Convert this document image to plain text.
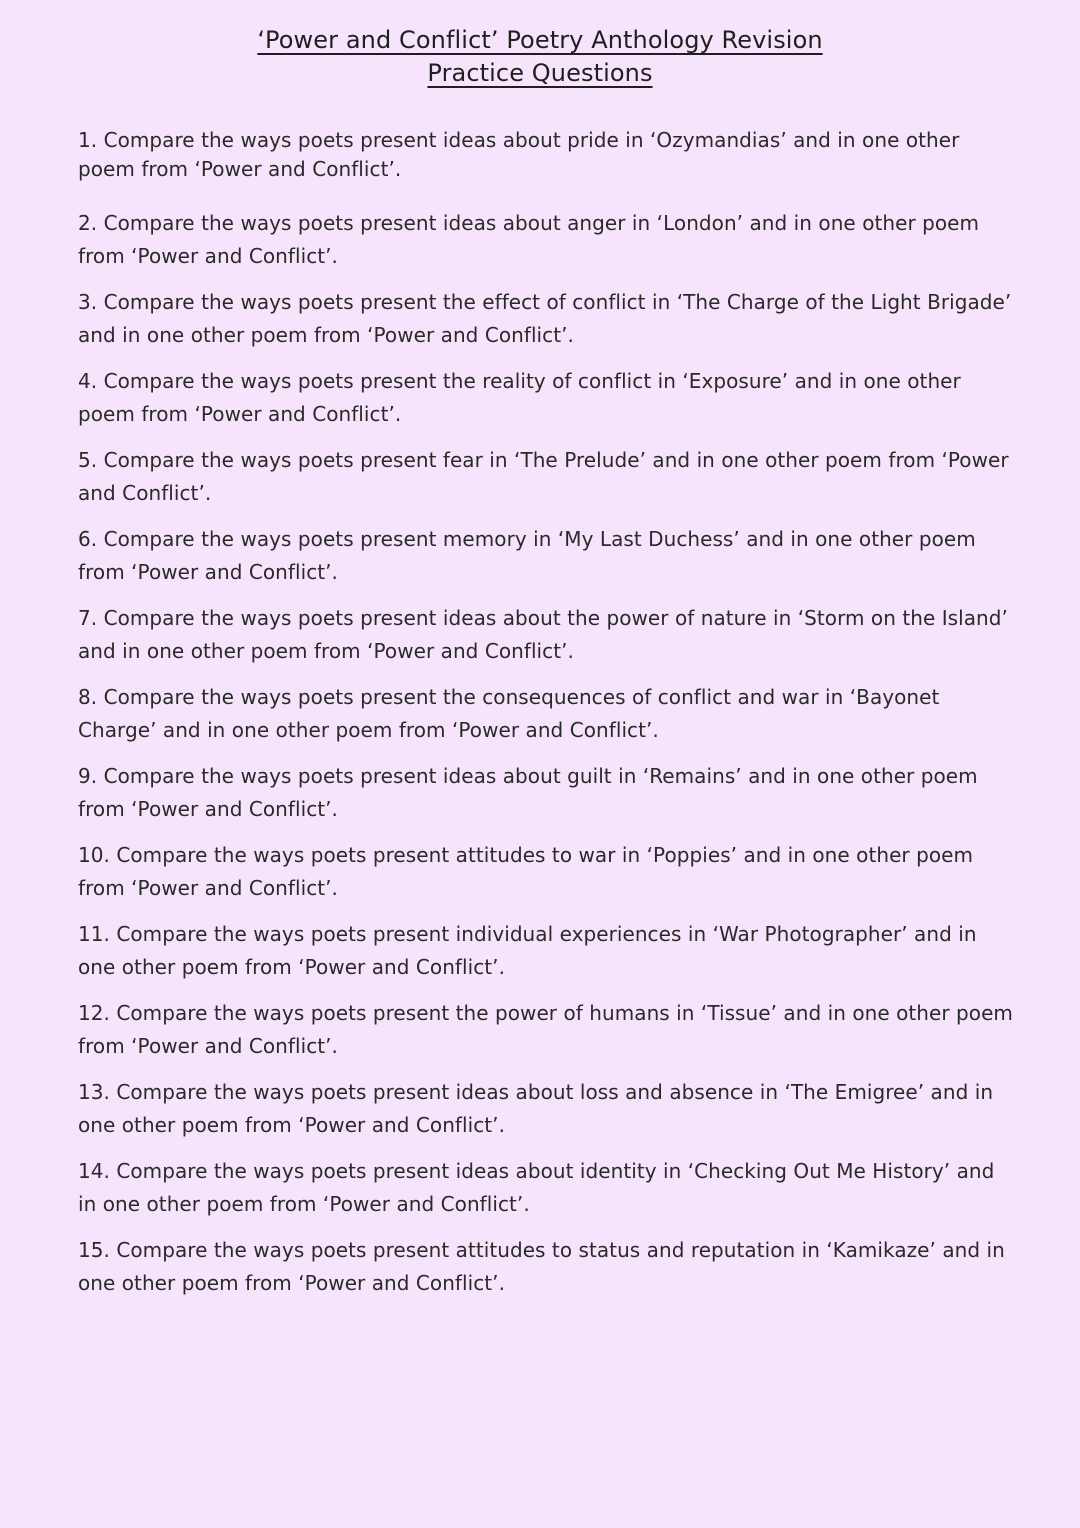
‘Power and Conflict’ Poetry Anthology Revision
Practice Questions
1. Compare the ways poets present ideas about pride in ‘Ozymandias’ and in one other poem from ‘Power and Conflict’.
2. Compare the ways poets present ideas about anger in ‘London’ and in one other poem from ‘Power and Conflict’.
3. Compare the ways poets present the effect of conflict in ‘The Charge of the Light Brigade’ and in one other poem from ‘Power and Conflict’.
4. Compare the ways poets present the reality of conflict in ‘Exposure’ and in one other poem from ‘Power and Conflict’.
5. Compare the ways poets present fear in ‘The Prelude’ and in one other poem from ‘Power and Conflict’.
6. Compare the ways poets present memory in ‘My Last Duchess’ and in one other poem from ‘Power and Conflict’.
7. Compare the ways poets present ideas about the power of nature in ‘Storm on the Island’ and in one other poem from ‘Power and Conflict’.
8. Compare the ways poets present the consequences of conflict and war in ‘Bayonet Charge’ and in one other poem from ‘Power and Conflict’.
9. Compare the ways poets present ideas about guilt in ‘Remains’ and in one other poem from ‘Power and Conflict’.
10. Compare the ways poets present attitudes to war in ‘Poppies’ and in one other poem from ‘Power and Conflict’.
11. Compare the ways poets present individual experiences in ‘War Photographer’ and in one other poem from ‘Power and Conflict’.
12. Compare the ways poets present the power of humans in ‘Tissue’ and in one other poem from ‘Power and Conflict’.
13. Compare the ways poets present ideas about loss and absence in ‘The Emigree’ and in one other poem from ‘Power and Conflict’.
14. Compare the ways poets present ideas about identity in ‘Checking Out Me History’ and in one other poem from ‘Power and Conflict’.
15. Compare the ways poets present attitudes to status and reputation in ‘Kamikaze’ and in one other poem from ‘Power and Conflict’.
